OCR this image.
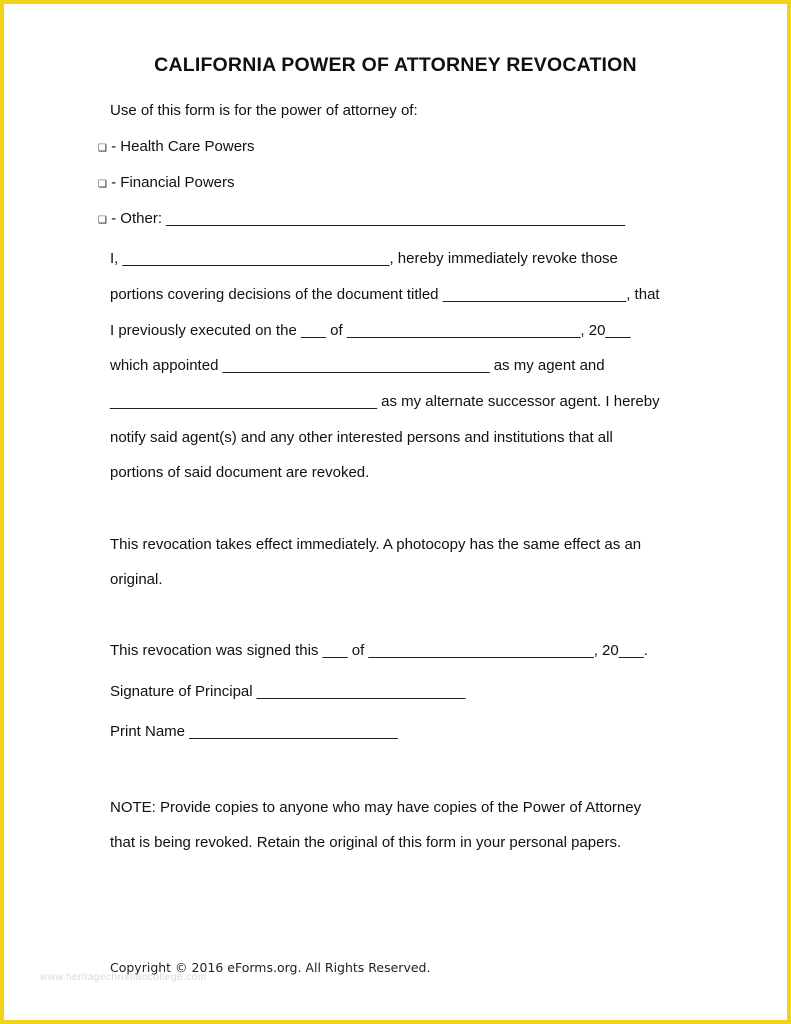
CALIFORNIA POWER OF ATTORNEY REVOCATION
Use of this form is for the power of attorney of:
❑ - Health Care Powers
❑ - Financial Powers
❑ - Other: _______________________________________________________
I, ________________________________, hereby immediately revoke those
portions covering decisions of the document titled ______________________, that
I previously executed on the ___ of ____________________________, 20___
which appointed ________________________________ as my agent and
________________________________ as my alternate successor agent. I hereby
notify said agent(s) and any other interested persons and institutions that all
portions of said document are revoked.
This revocation takes effect immediately. A photocopy has the same effect as an
original.
This revocation was signed this ___ of ___________________________, 20___.
Signature of Principal _________________________
Print Name _________________________
NOTE: Provide copies to anyone who may have copies of the Power of Attorney
that is being revoked. Retain the original of this form in your personal papers.
www.heritagechristiancollege.com
Copyright © 2016 eForms.org. All Rights Reserved.
